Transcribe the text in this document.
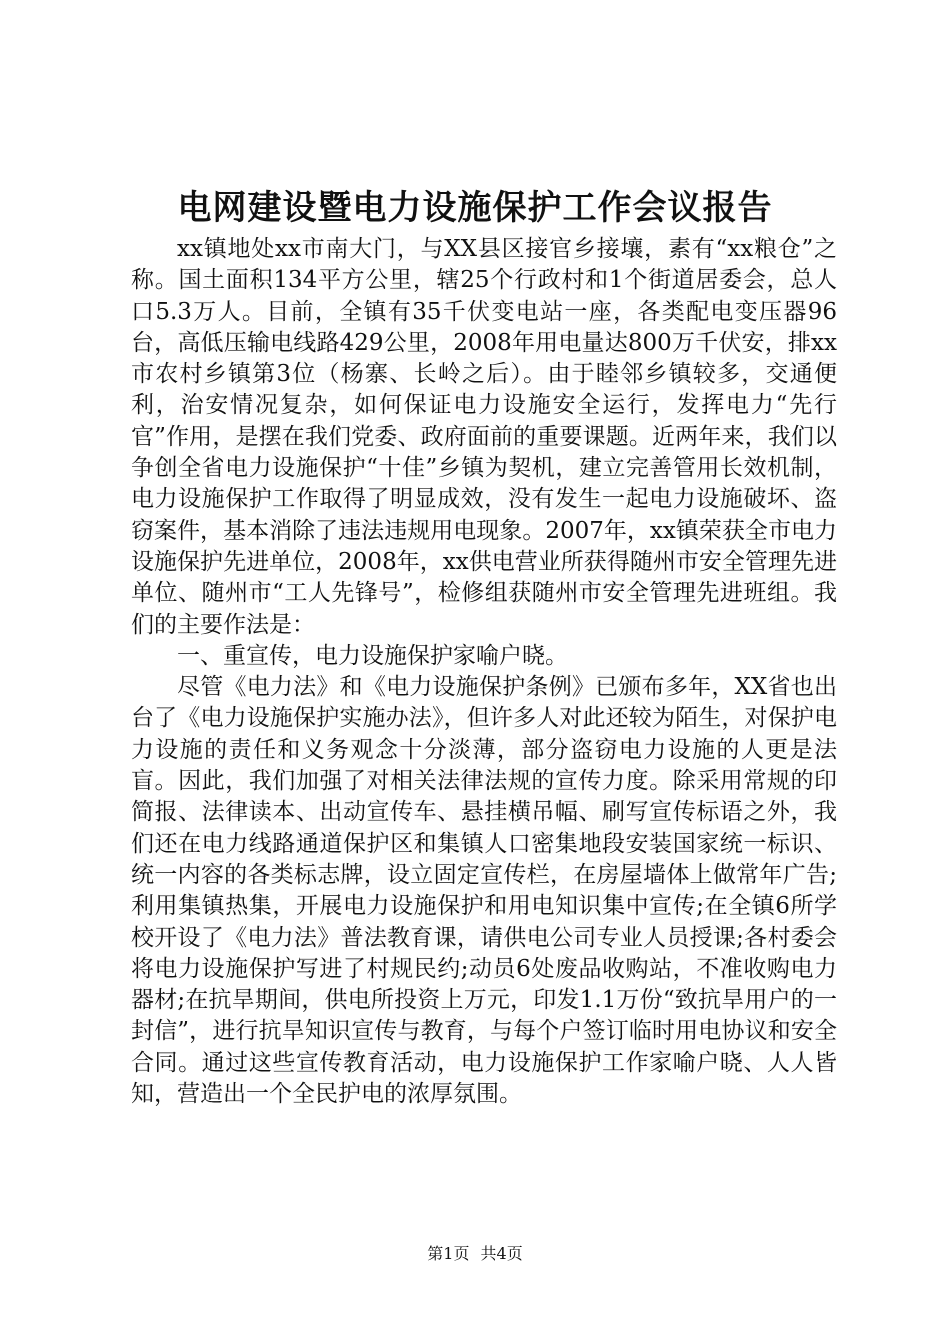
电网建设暨电力设施保护工作会议报告

xx镇地处xx市南大门，与XX县区接官乡接壤，素有“xx粮仓”之称。国土面积134平方公里，辖25个行政村和1个街道居委会，总人口5.3万人。目前，全镇有35千伏变电站一座，各类配电变压器96台，高低压输电线路429公里，2008年用电量达800万千伏安，排xx市农村乡镇第3位（杨寨、长岭之后）。由于睦邻乡镇较多，交通便利，治安情况复杂，如何保证电力设施安全运行，发挥电力“先行官”作用，是摆在我们党委、政府面前的重要课题。近两年来，我们以争创全省电力设施保护“十佳”乡镇为契机，建立完善管用长效机制，电力设施保护工作取得了明显成效，没有发生一起电力设施破坏、盗窃案件，基本消除了违法违规用电现象。2007年，xx镇荣获全市电力设施保护先进单位，2008年，xx供电营业所获得随州市安全管理先进单位、随州市“工人先锋号”，检修组获随州市安全管理先进班组。我们的主要作法是：

一、重宣传，电力设施保护家喻户晓。

尽管《电力法》和《电力设施保护条例》已颁布多年，XX省也出台了《电力设施保护实施办法》，但许多人对此还较为陌生，对保护电力设施的责任和义务观念十分淡薄，部分盗窃电力设施的人更是法盲。因此，我们加强了对相关法律法规的宣传力度。除采用常规的印简报、法律读本、出动宣传车、悬挂横吊幅、刷写宣传标语之外，我们还在电力线路通道保护区和集镇人口密集地段安装国家统一标识、统一内容的各类标志牌，设立固定宣传栏，在房屋墙体上做常年广告;利用集镇热集，开展电力设施保护和用电知识集中宣传;在全镇6所学校开设了《电力法》普法教育课，请供电公司专业人员授课;各村委会将电力设施保护写进了村规民约;动员6处废品收购站，不准收购电力器材;在抗旱期间，供电所投资上万元，印发1.1万份“致抗旱用户的一封信”，进行抗旱知识宣传与教育，与每个户签订临时用电协议和安全合同。通过这些宣传教育活动，电力设施保护工作家喻户晓、人人皆知，营造出一个全民护电的浓厚氛围。

第1页 共4页
